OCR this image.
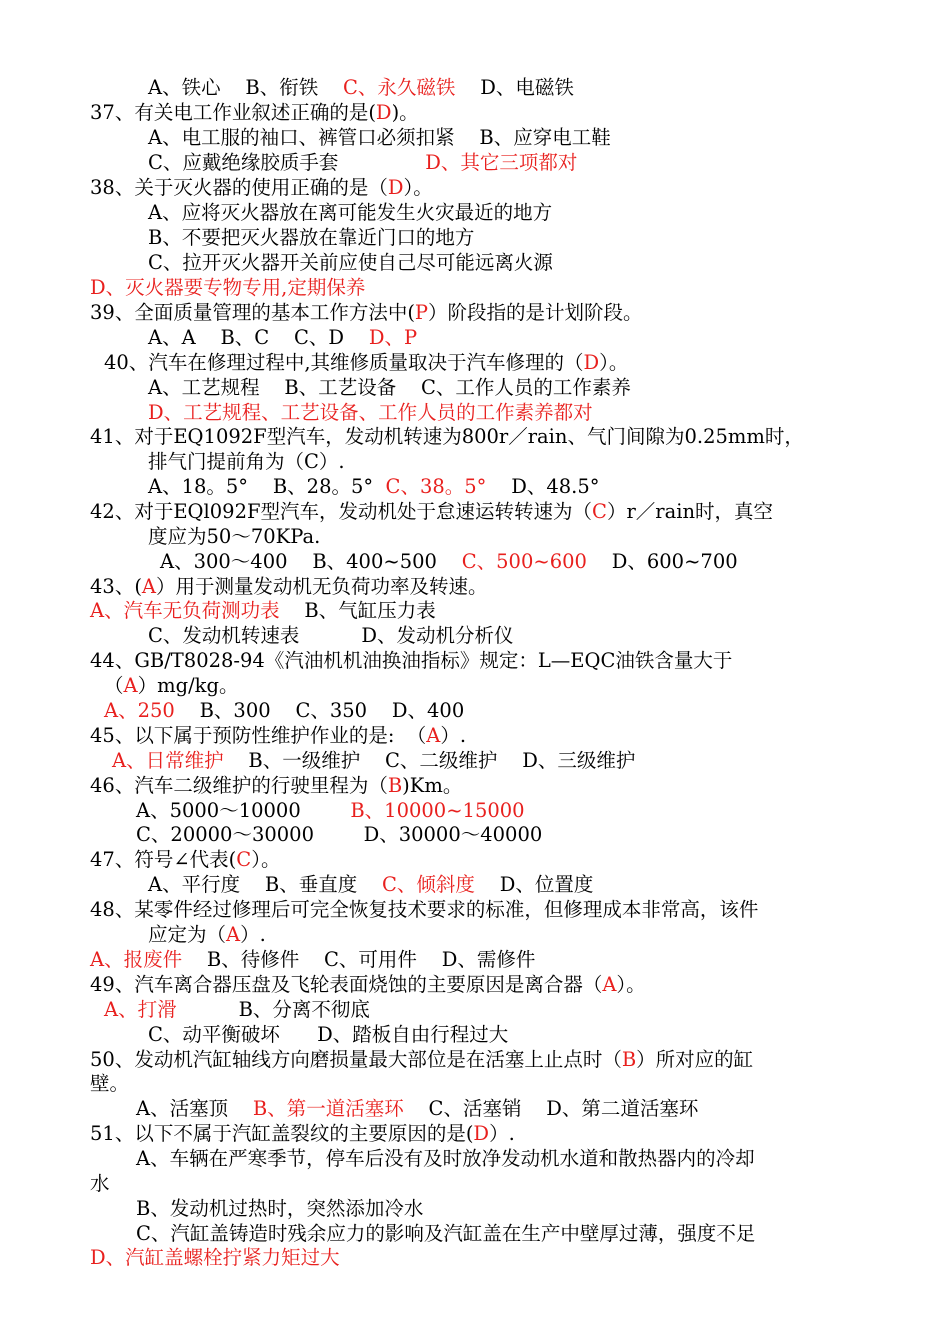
A、铁心    B、衔铁    C、永久磁铁    D、电磁铁
37、有关电工作业叙述正确的是(D)。
A、电工服的袖口、裤管口必须扣紧    B、应穿电工鞋
C、应戴绝缘胶质手套              D、其它三项都对
38、关于灭火器的使用正确的是（D）。
A、应将灭火器放在离可能发生火灾最近的地方
B、不要把灭火器放在靠近门口的地方
C、拉开灭火器开关前应使自己尽可能远离火源
D、灭火器要专物专用,定期保养
39、全面质量管理的基本工作方法中(P）阶段指的是计划阶段。
A、A    B、C    C、D    D、P
40、汽车在修理过程中,其维修质量取决于汽车修理的（D）。
A、工艺规程    B、工艺设备    C、工作人员的工作素养
D、工艺规程、工艺设备、工作人员的工作素养都对
41、对于EQ1092F型汽车，发动机转速为800r／rain、气门间隙为0.25mm时，
排气门提前角为（C）.
A、18。5°    B、28。5°  C、38。5°    D、48.5°
42、对于EQl092F型汽车，发动机处于怠速运转转速为（C）r／rain时，真空
度应为50～70KPa.
A、300～400    B、400~500    C、500~600    D、600~700
43、(A）用于测量发动机无负荷功率及转速。
A、汽车无负荷测功表    B、气缸压力表
C、发动机转速表          D、发动机分析仪
44、GB/T8028-94《汽油机机油换油指标》规定：L—EQC油铁含量大于
（A）mg/kg。
A、250    B、300    C、350    D、400
45、以下属于预防性维护作业的是:  （A）.
A、日常维护    B、一级维护    C、二级维护    D、三级维护
46、汽车二级维护的行驶里程为（B)Km。
A、5000～10000        B、10000~15000
C、20000～30000        D、30000～40000
47、符号∠代表(C）。
A、平行度    B、垂直度    C、倾斜度    D、位置度
48、某零件经过修理后可完全恢复技术要求的标准，但修理成本非常高，该件
应定为（A）.
A、报废件    B、待修件    C、可用件    D、需修件
49、汽车离合器压盘及飞轮表面烧蚀的主要原因是离合器（A）。
A、打滑          B、分离不彻底
C、动平衡破坏      D、踏板自由行程过大
50、发动机汽缸轴线方向磨损量最大部位是在活塞上止点时（B）所对应的缸
壁。
A、活塞顶    B、第一道活塞环    C、活塞销    D、第二道活塞环
51、以下不属于汽缸盖裂纹的主要原因的是(D）.
A、车辆在严寒季节，停车后没有及时放净发动机水道和散热器内的冷却
水
B、发动机过热时，突然添加冷水
C、汽缸盖铸造时残余应力的影响及汽缸盖在生产中壁厚过薄，强度不足
D、汽缸盖螺栓拧紧力矩过大
